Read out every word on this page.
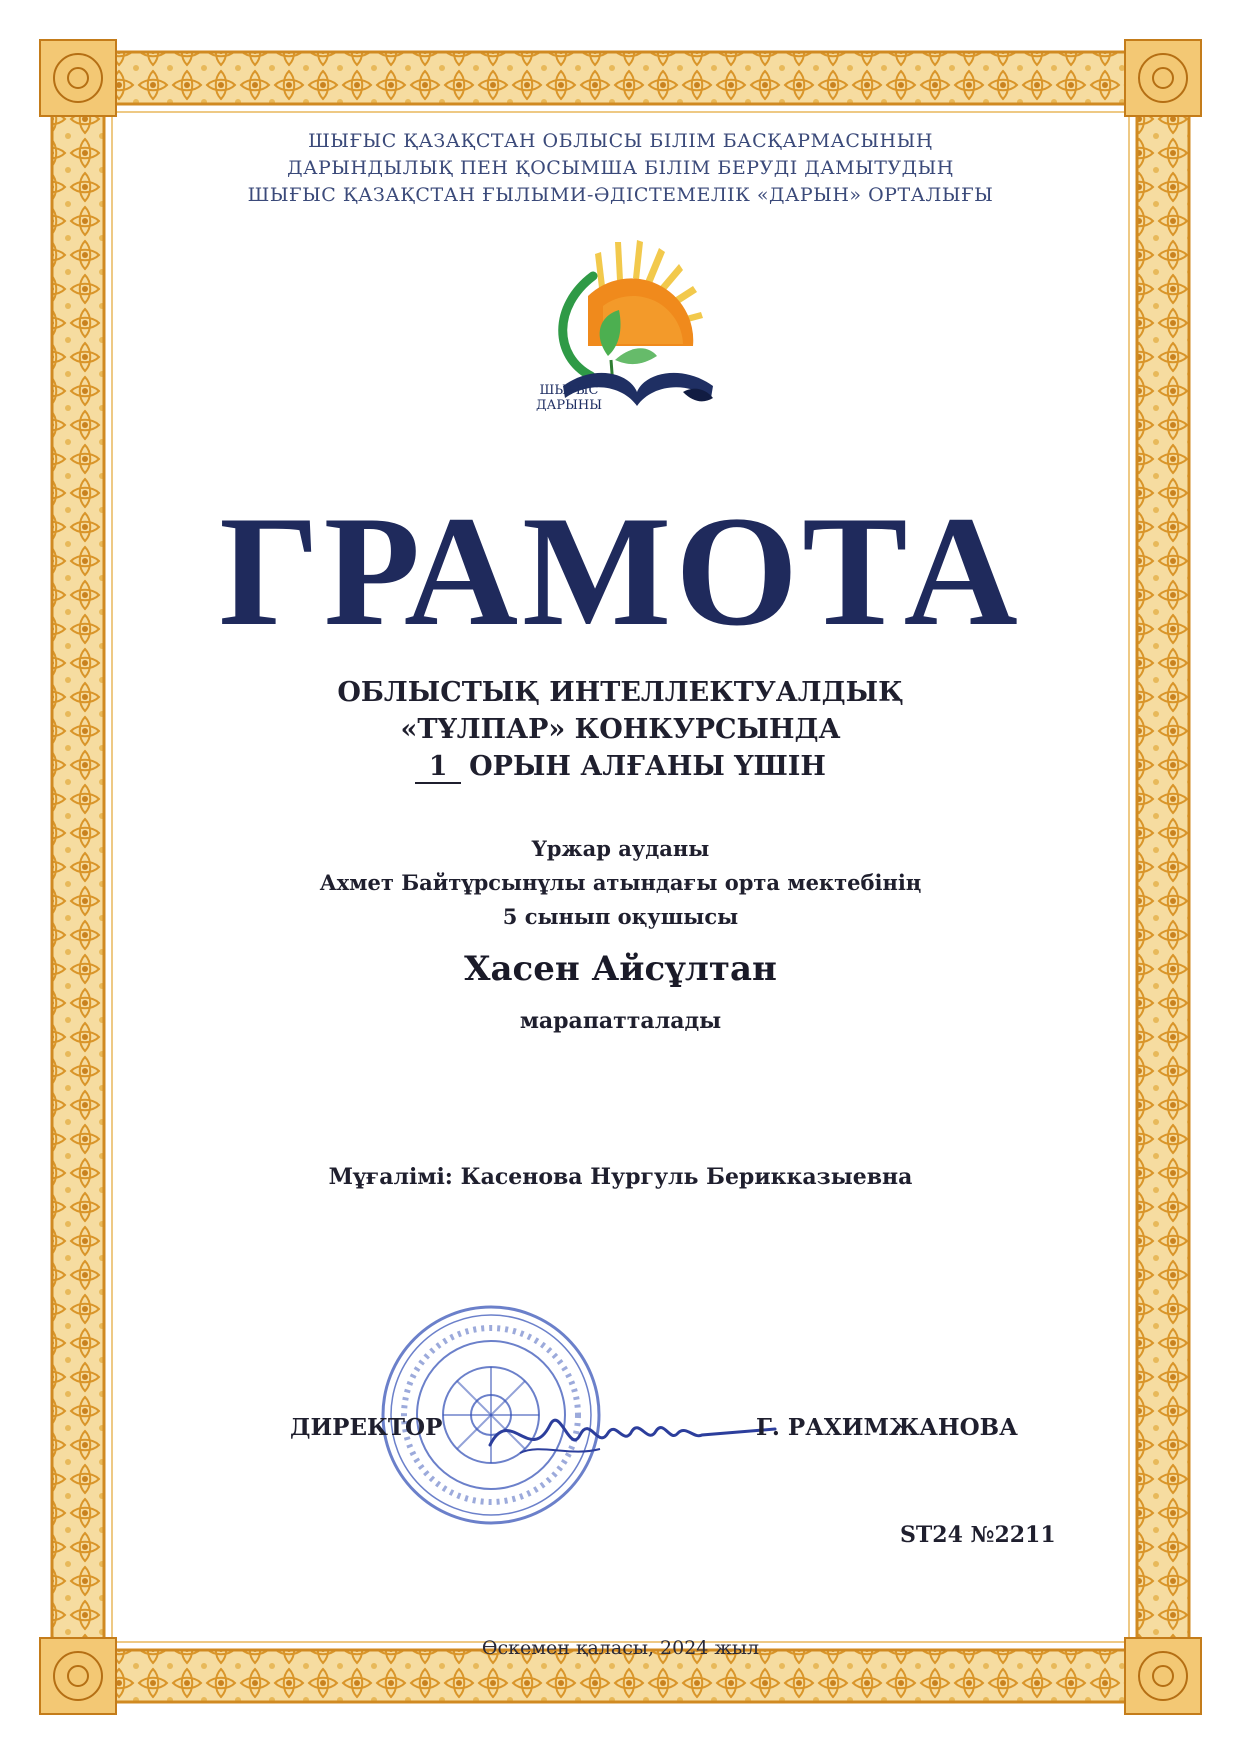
ШЫҒЫС ҚАЗАҚСТАН ОБЛЫСЫ БІЛІМ БАСҚАРМАСЫНЫҢ
ДАРЫНДЫЛЫҚ ПЕН ҚОСЫМША БІЛІМ БЕРУДІ ДАМЫТУДЫҢ
ШЫҒЫС ҚАЗАҚСТАН ҒЫЛЫМИ-ӘДІСТЕМЕЛІК «ДАРЫН» ОРТАЛЫҒЫ
ШЫҒЫС
ДАРЫНЫ
ГРАМОТА
ОБЛЫСТЫҚ ИНТЕЛЛЕКТУАЛДЫҚ
«ТҰЛПАР» КОНКУРСЫНДА
1 ОРЫН АЛҒАНЫ ҮШІН
Үржар ауданы
Ахмет Байтұрсынұлы атындағы орта мектебінің
5 сынып оқушысы
Хасен Айсұлтан
марапатталады
Мұғалімі: Касенова Нургуль Берикказыевна
ДИРЕКТОР	Г. РАХИМЖАНОВА
ST24 №2211
Өскемен қаласы, 2024 жыл
